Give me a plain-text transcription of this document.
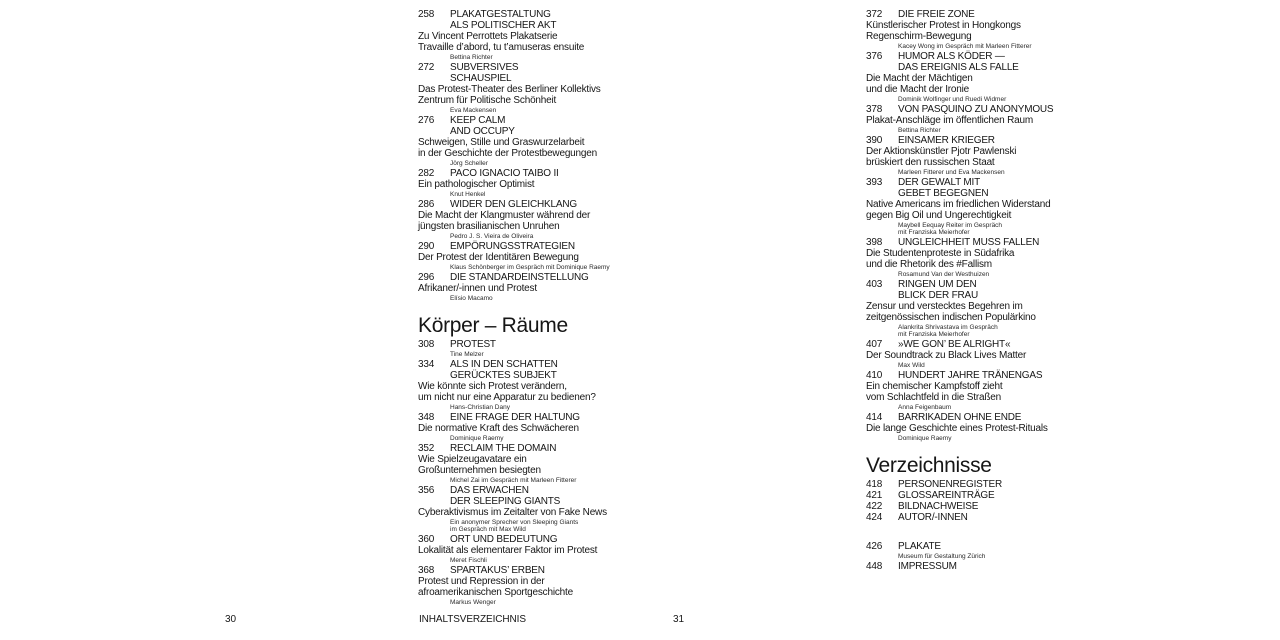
258 PLAKATGESTALTUNG
ALS POLITISCHER AKT
Zu Vincent Perrottets Plakatserie
Travaille d’abord, tu t’amuseras ensuite
Bettina Richter
272 SUBVERSIVES
SCHAUSPIEL
Das Protest-Theater des Berliner Kollektivs
Zentrum für Politische Schönheit
Eva Mackensen
276 KEEP CALM
AND OCCUPY
Schweigen, Stille und Graswurzelarbeit
in der Geschichte der Protestbewegungen
Jörg Scheller
282 PACO IGNACIO TAIBO II
Ein pathologischer Optimist
Knut Henkel
286 WIDER DEN GLEICHKLANG
Die Macht der Klangmuster während der
jüngsten brasilianischen Unruhen
Pedro J. S. Vieira de Oliveira
290 EMPÖRUNGSSTRATEGIEN
Der Protest der Identitären Bewegung
Klaus Schönberger im Gespräch mit Dominique Raemy
296 DIE STANDARDEINSTELLUNG
Afrikaner/-innen und Protest
Elísio Macamo
Körper – Räume
308 PROTEST
Tine Melzer
334 ALS IN DEN SCHATTEN
GERÜCKTES SUBJEKT
Wie könnte sich Protest verändern,
um nicht nur eine Apparatur zu bedienen?
Hans-Christian Dany
348 EINE FRAGE DER HALTUNG
Die normative Kraft des Schwächeren
Dominique Raemy
352 RECLAIM THE DOMAIN
Wie Spielzeugavatare ein
Großunternehmen besiegten
Michel Zai im Gespräch mit Marleen Fitterer
356 DAS ERWACHEN
DER SLEEPING GIANTS
Cyberaktivismus im Zeitalter von Fake News
Ein anonymer Sprecher von Sleeping Giants
im Gespräch mit Max Wild
360 ORT UND BEDEUTUNG
Lokalität als elementarer Faktor im Protest
Meret Fischli
368 SPARTAKUS’ ERBEN
Protest und Repression in der
afroamerikanischen Sportgeschichte
Markus Wenger
372 DIE FREIE ZONE
Künstlerischer Protest in Hongkongs
Regenschirm-Bewegung
Kacey Wong im Gespräch mit Marleen Fitterer
376 HUMOR ALS KÖDER —
DAS EREIGNIS ALS FALLE
Die Macht der Mächtigen
und die Macht der Ironie
Dominik Wolfinger und Ruedi Widmer
378 VON PASQUINO ZU ANONYMOUS
Plakat-Anschläge im öffentlichen Raum
Bettina Richter
390 EINSAMER KRIEGER
Der Aktionskünstler Pjotr Pawlenski
brüskiert den russischen Staat
Marleen Fitterer und Eva Mackensen
393 DER GEWALT MIT
GEBET BEGEGNEN
Native Americans im friedlichen Widerstand
gegen Big Oil und Ungerechtigkeit
Maybell Eequay Reiter im Gespräch
mit Franziska Meierhofer
398 UNGLEICHHEIT MUSS FALLEN
Die Studentenproteste in Südafrika
und die Rhetorik des #Fallism
Rosamund Van der Westhuizen
403 RINGEN UM DEN
BLICK DER FRAU
Zensur und verstecktes Begehren im
zeitgenössischen indischen Populärkino
Alankrita Shrivastava im Gespräch
mit Franziska Meierhofer
407 »WE GON’ BE ALRIGHT«
Der Soundtrack zu Black Lives Matter
Max Wild
410 HUNDERT JAHRE TRÄNENGAS
Ein chemischer Kampfstoff zieht
vom Schlachtfeld in die Straßen
Anna Feigenbaum
414 BARRIKADEN OHNE ENDE
Die lange Geschichte eines Protest-Rituals
Dominique Raemy
Verzeichnisse
418 PERSONENREGISTER
421 GLOSSAREINTRÄGE
422 BILDNACHWEISE
424 AUTOR/-INNEN
426 PLAKATE
Museum für Gestaltung Zürich
448 IMPRESSUM
30	INHALTSVERZEICHNIS	31
